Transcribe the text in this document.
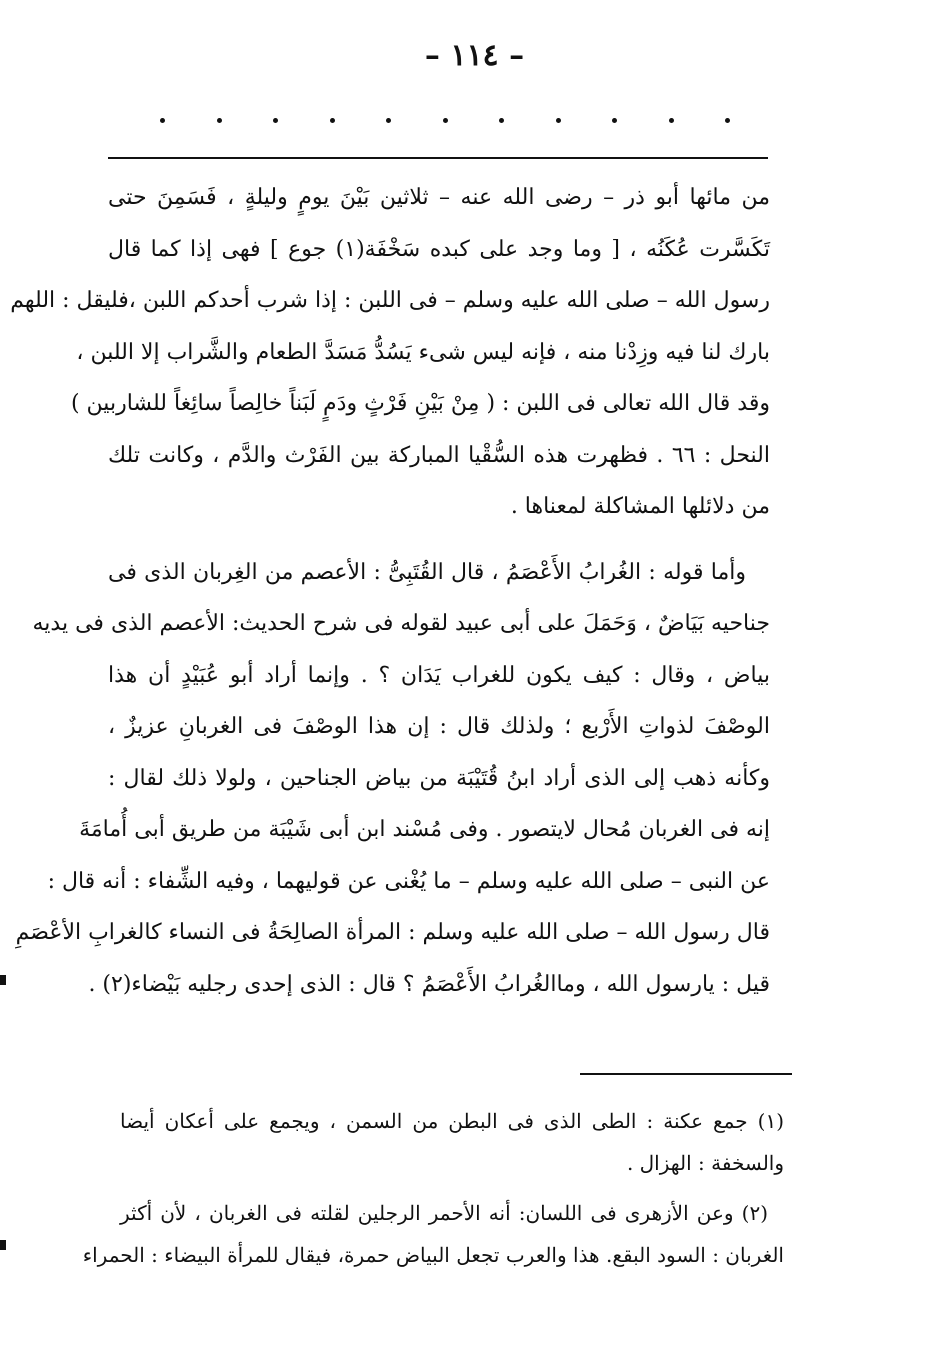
– ١١٤ –
من مائها أبو ذر – رضى الله عنه – ثلاثين بَيْنَ يومٍ وليلةٍ ، فَسَمِنَ حتى
تَكَسَّرت عُكَنُه ، [ وما وجد على كبده سَخْفَة(١) جوع ] فهى إذا كما قال
رسول الله – صلى الله عليه وسلم – فى اللبن : إذا شرب أحدكم اللبن ،فليقل : اللهم
بارك لنا فيه وزِدْنا منه ، فإنه ليس شىء يَسُدُّ مَسَدَّ الطعام والشَّراب إلا اللبن ،
وقد قال الله تعالى فى اللبن : ( مِنْ بَيْنِ فَرْثٍ ودَمٍ لَبَناً خالِصاً سائِغاً للشاربين )
النحل : ٦٦ . فظهرت هذه السُّقْيا المباركة بين الفَرْث والدَّم ، وكانت تلك
من دلائلها المشاكلة لمعناها .
وأما قوله : الغُرابُ الأَعْصَمُ ، قال القُتَبِىُّ : الأعصم من الغِربان الذى فى
جناحيه بَيَاضٌ ، وَحَمَلَ على أبى عبيد لقوله فى شرح الحديث: الأعصم الذى فى يديه
بياض ، وقال : كيف يكون للغراب يَدَان ؟ . وإنما أراد أبو عُبَيْدٍ أن هذا
الوصْفَ لذواتِ الأَرْبع ؛ ولذلك قال : إن هذا الوصْفَ فى الغربانِ عزيزٌ ،
وكأنه ذهب إلى الذى أراد ابنُ قُتَيْبَة من بياض الجناحين ، ولولا ذلك لقال :
إنه فى الغربان مُحال لايتصور . وفى مُسْند ابن أبى شَيْبَة من طريق أبى أُمامَةَ
عن النبى – صلى الله عليه وسلم – ما يُغْنى عن قوليهما ، وفيه الشِّفاء : أنه قال :
قال رسول الله – صلى الله عليه وسلم : المرأة الصالِحَةُ فى النساء كالغرابِ الأعْصَمِ
قيل : يارسول الله ، وماالغُرابُ الأَعْصَمُ ؟ قال : الذى إحدى رجليه بَيْضاء(٢) .
(١) جمع عكنة : الطى الذى فى البطن من السمن ، ويجمع على أعكان أيضا
والسخفة : الهزال .
(٢) وعن الأزهرى فى اللسان: أنه الأحمر الرجلين لقلته فى الغربان ، لأن أكثر
الغربان : السود البقع. هذا والعرب تجعل البياض حمرة، فيقال للمرأة البيضاء : الحمراء
